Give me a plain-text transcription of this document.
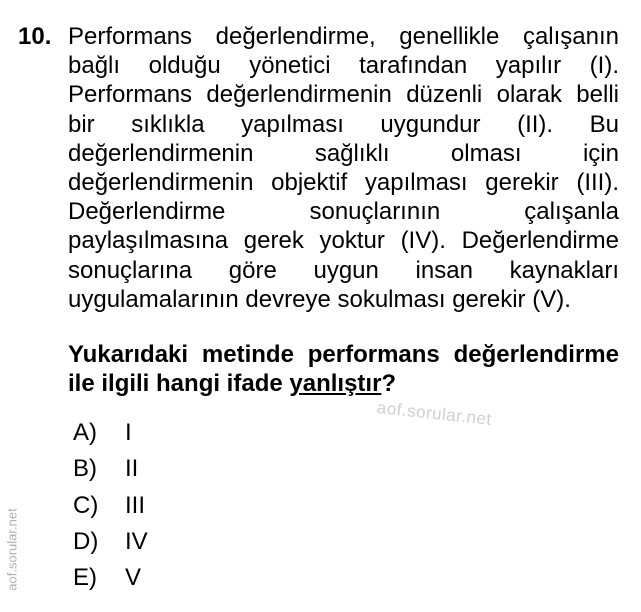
10. Performans değerlendirme, genellikle çalışanın bağlı olduğu yönetici tarafından yapılır (I). Performans değerlendirmenin düzenli olarak belli bir sıklıkla yapılması uygundur (II). Bu değerlendirmenin sağlıklı olması için değerlendirmenin objektif yapılması gerekir (III). Değerlendirme sonuçlarının çalışanla paylaşılmasına gerek yoktur (IV). Değerlendirme sonuçlarına göre uygun insan kaynakları uygulamalarının devreye sokulması gerekir (V).

Yukarıdaki metinde performans değerlendirme ile ilgili hangi ifade yanlıştır?

aof.sorular.net
A)	I
B)	II
C)	III
D)	IV
E)	V
aof.sorular.net
